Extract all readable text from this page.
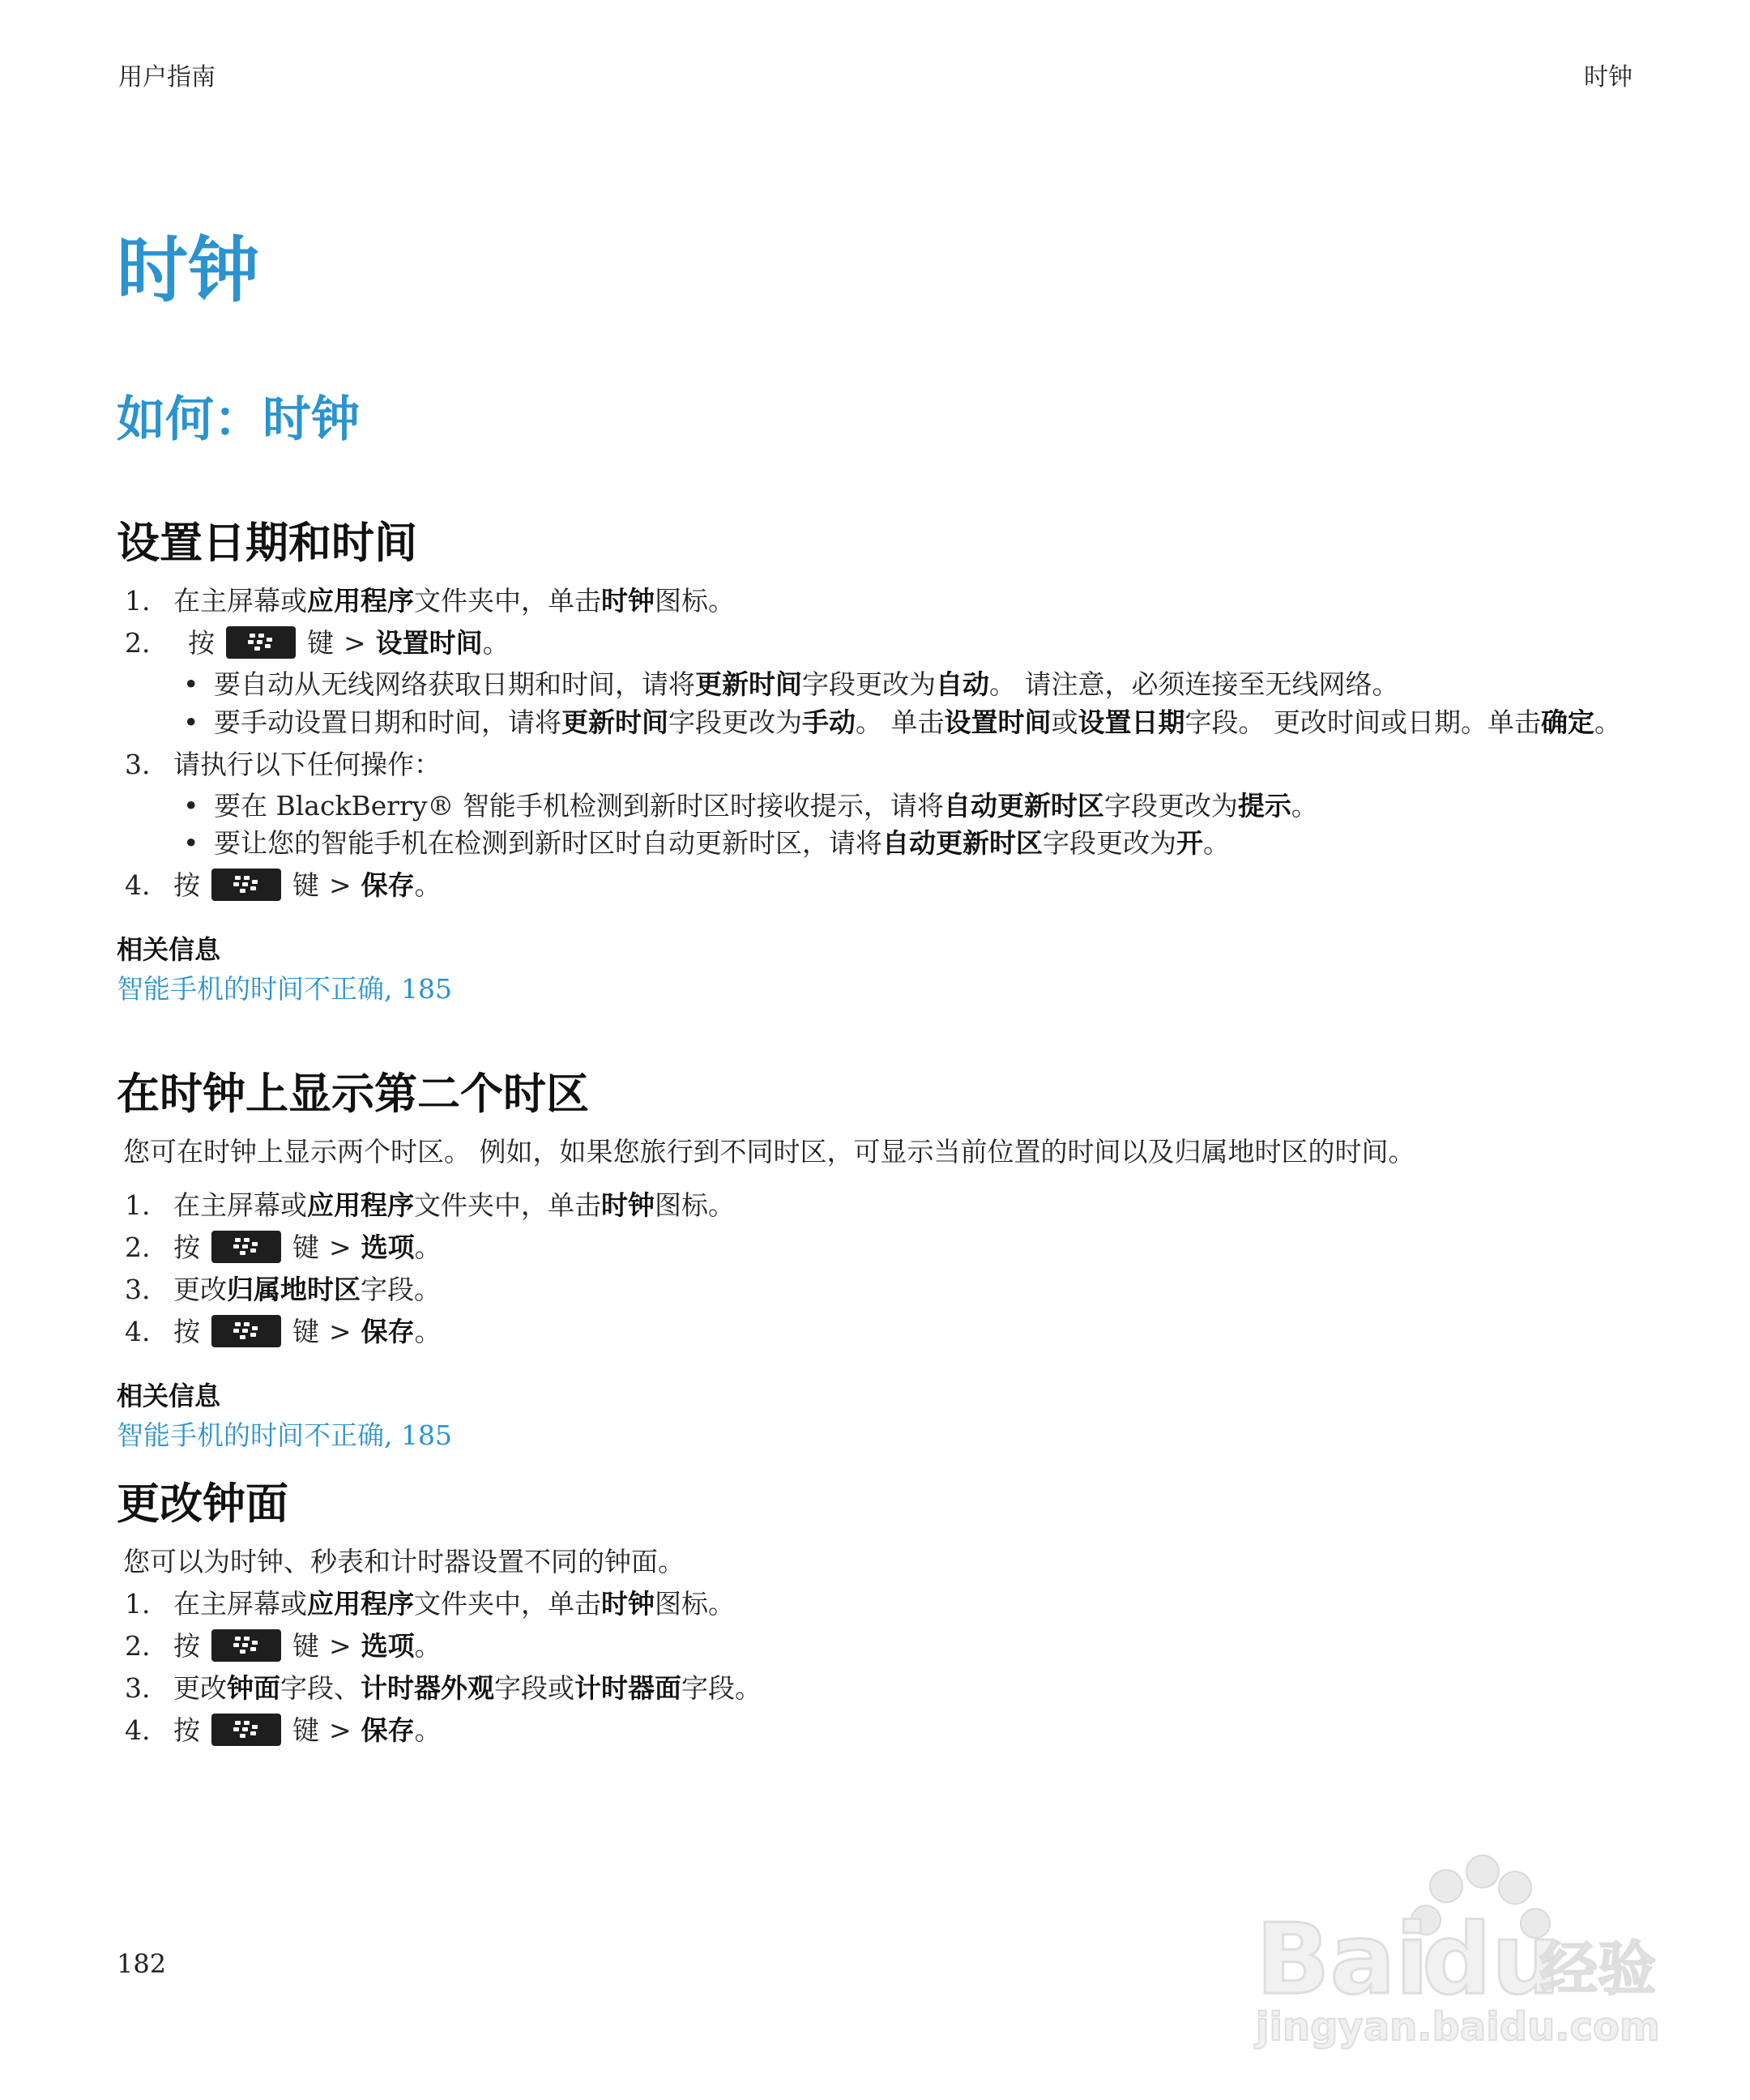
用户指南	时钟
时钟
如何：时钟
设置日期和时间
1. 在主屏幕或应用程序文件夹中，单击时钟图标。
2. 按	键 > 设置时间。
• 要自动从无线网络获取日期和时间，请将更新时间字段更改为自动。 请注意，必须连接至无线网络。
• 要手动设置日期和时间，请将更新时间字段更改为手动。 单击设置时间或设置日期字段。 更改时间或日期。单击确定。
3. 请执行以下任何操作：
• 要在 BlackBerry® 智能手机检测到新时区时接收提示，请将自动更新时区字段更改为提示。
• 要让您的智能手机在检测到新时区时自动更新时区，请将自动更新时区字段更改为开。
4. 按	键 > 保存。
相关信息
智能手机的时间不正确, 185
在时钟上显示第二个时区

您可在时钟上显示两个时区。 例如，如果您旅行到不同时区，可显示当前位置的时间以及归属地时区的时间。

1. 在主屏幕或应用程序文件夹中，单击时钟图标。
2. 按	键 > 选项。
3. 更改归属地时区字段。
4. 按	键 > 保存。
相关信息
智能手机的时间不正确, 185
更改钟面

您可以为时钟、秒表和计时器设置不同的钟面。

1. 在主屏幕或应用程序文件夹中，单击时钟图标。
2. 按	键 > 选项。
3. 更改钟面字段、计时器外观字段或计时器面字段。
4. 按	键 > 保存。
182	Bai
du
经验
jingyan.baidu.com
